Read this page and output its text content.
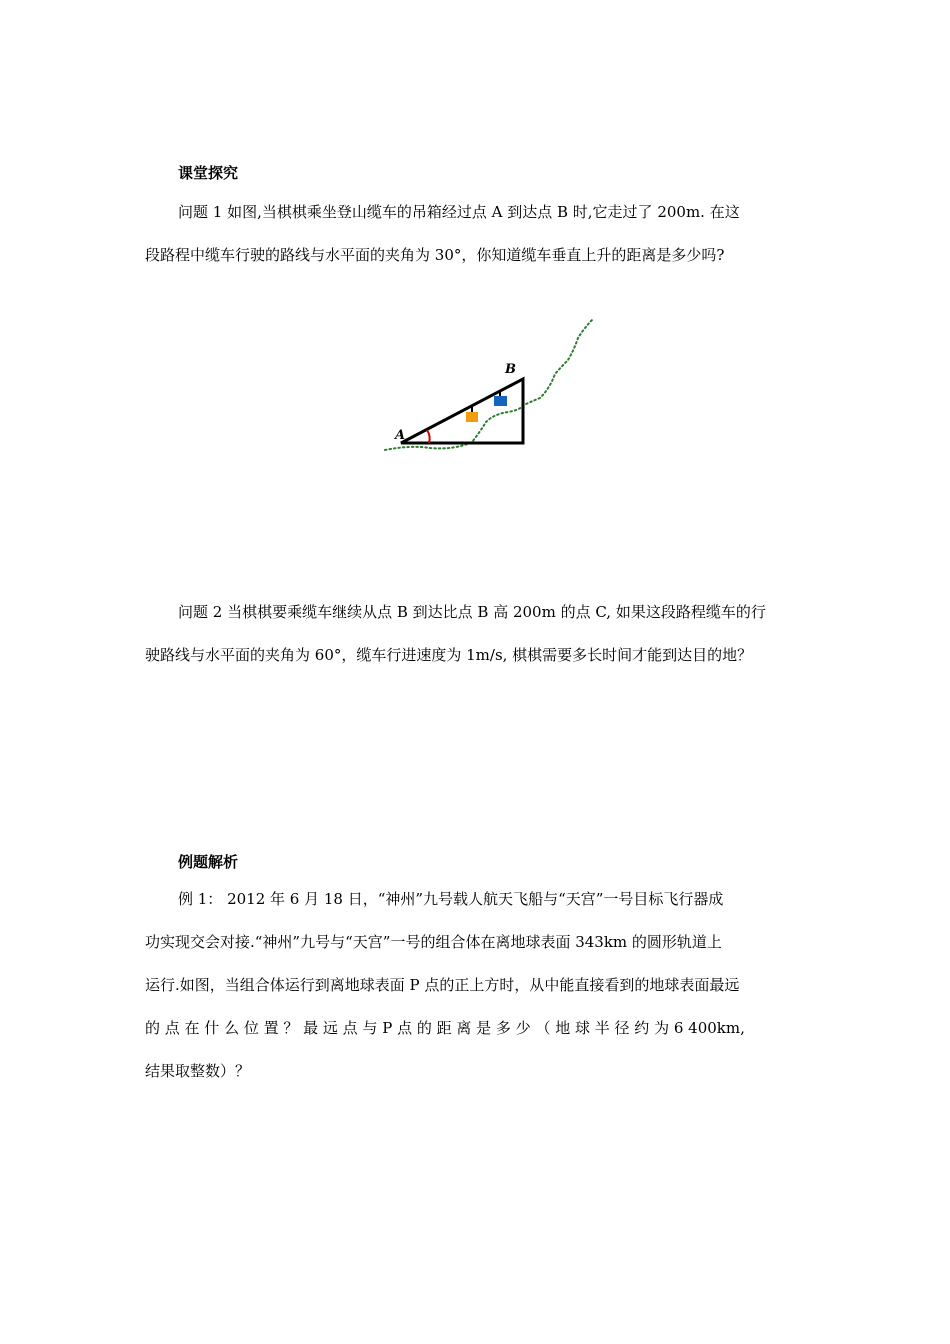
课堂探究
问题 1 如图,当棋棋乘坐登山缆车的吊箱经过点 A 到达点 B 时,它走过了 200m. 在这
段路程中缆车行驶的路线与水平面的夹角为 30°，你知道缆车垂直上升的距离是多少吗?
A
B
问题 2 当棋棋要乘缆车继续从点 B 到达比点 B 高 200m 的点 C, 如果这段路程缆车的行
驶路线与水平面的夹角为 60°，缆车行进速度为 1m/s, 棋棋需要多长时间才能到达目的地？
例题解析
例 1： 2012 年 6 月 18 日，“神州”九号载人航天飞船与“天宫”一号目标飞行器成
功实现交会对接.“神州”九号与“天宫”一号的组合体在离地球表面 343km 的圆形轨道上
运行.如图，当组合体运行到离地球表面 P 点的正上方时，从中能直接看到的地球表面最远
的 点 在 什 么 位 置 ？ 最 远 点 与 P 点 的 距 离 是 多 少 （ 地 球 半 径 约 为 6 400km,
结果取整数）？
